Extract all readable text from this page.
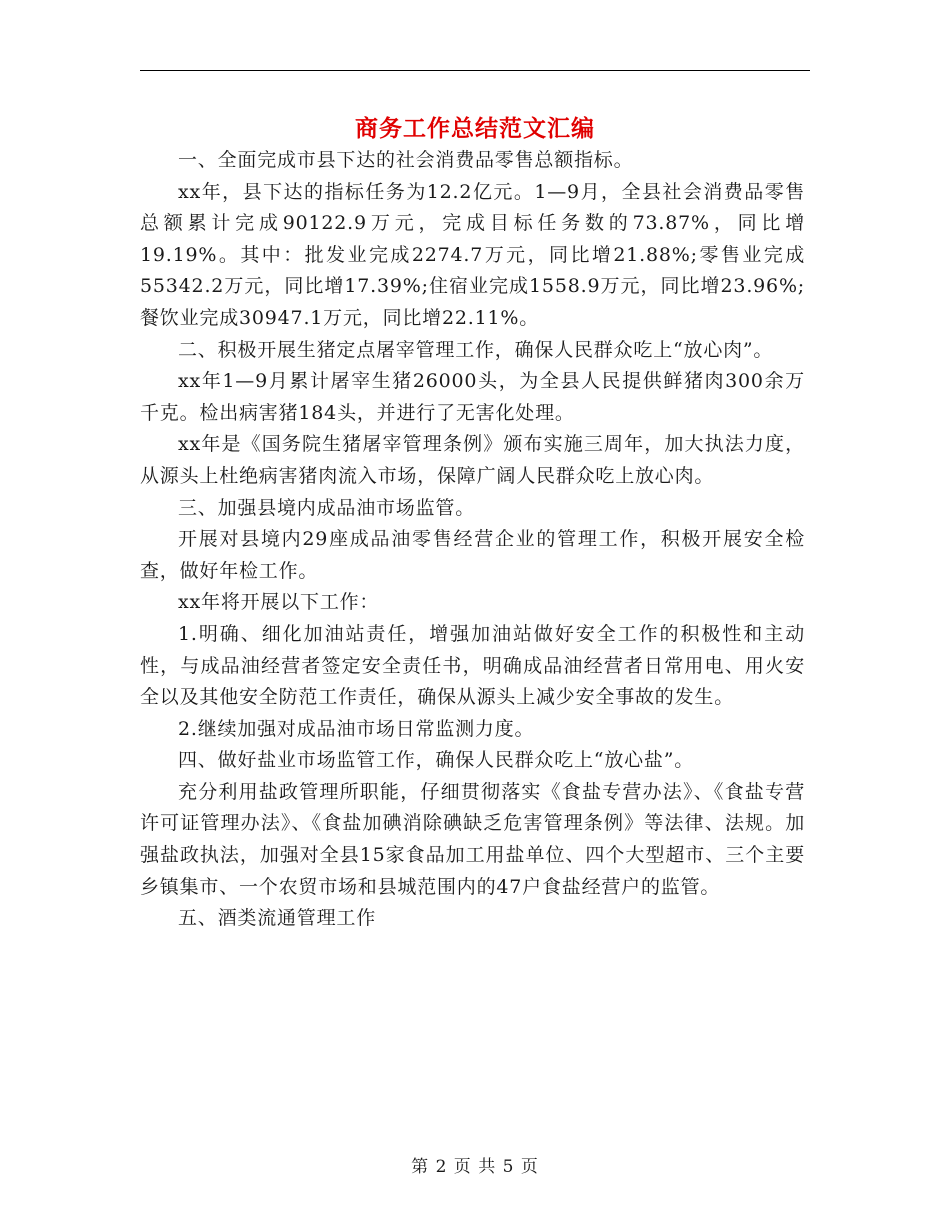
商务工作总结范文汇编

一、全面完成市县下达的社会消费品零售总额指标。

xx年，县下达的指标任务为12.2亿元。1—9月，全县社会消费品零售总额累计完成90122.9万元，完成目标任务数的73.87%，同比增19.19%。其中：批发业完成2274.7万元，同比增21.88%;零售业完成55342.2万元，同比增17.39%;住宿业完成1558.9万元，同比增23.96%;餐饮业完成30947.1万元，同比增22.11%。

二、积极开展生猪定点屠宰管理工作，确保人民群众吃上“放心肉”。

xx年1—9月累计屠宰生猪26000头，为全县人民提供鲜猪肉300余万千克。检出病害猪184头，并进行了无害化处理。

xx年是《国务院生猪屠宰管理条例》颁布实施三周年，加大执法力度，从源头上杜绝病害猪肉流入市场，保障广阔人民群众吃上放心肉。

三、加强县境内成品油市场监管。

开展对县境内29座成品油零售经营企业的管理工作，积极开展安全检查，做好年检工作。

xx年将开展以下工作：

1.明确、细化加油站责任，增强加油站做好安全工作的积极性和主动性，与成品油经营者签定安全责任书，明确成品油经营者日常用电、用火安全以及其他安全防范工作责任，确保从源头上减少安全事故的发生。

2.继续加强对成品油市场日常监测力度。

四、做好盐业市场监管工作，确保人民群众吃上“放心盐”。

充分利用盐政管理所职能，仔细贯彻落实《食盐专营办法》、《食盐专营许可证管理办法》、《食盐加碘消除碘缺乏危害管理条例》等法律、法规。加强盐政执法，加强对全县15家食品加工用盐单位、四个大型超市、三个主要乡镇集市、一个农贸市场和县城范围内的47户食盐经营户的监管。

五、酒类流通管理工作

第 2 页 共 5 页
